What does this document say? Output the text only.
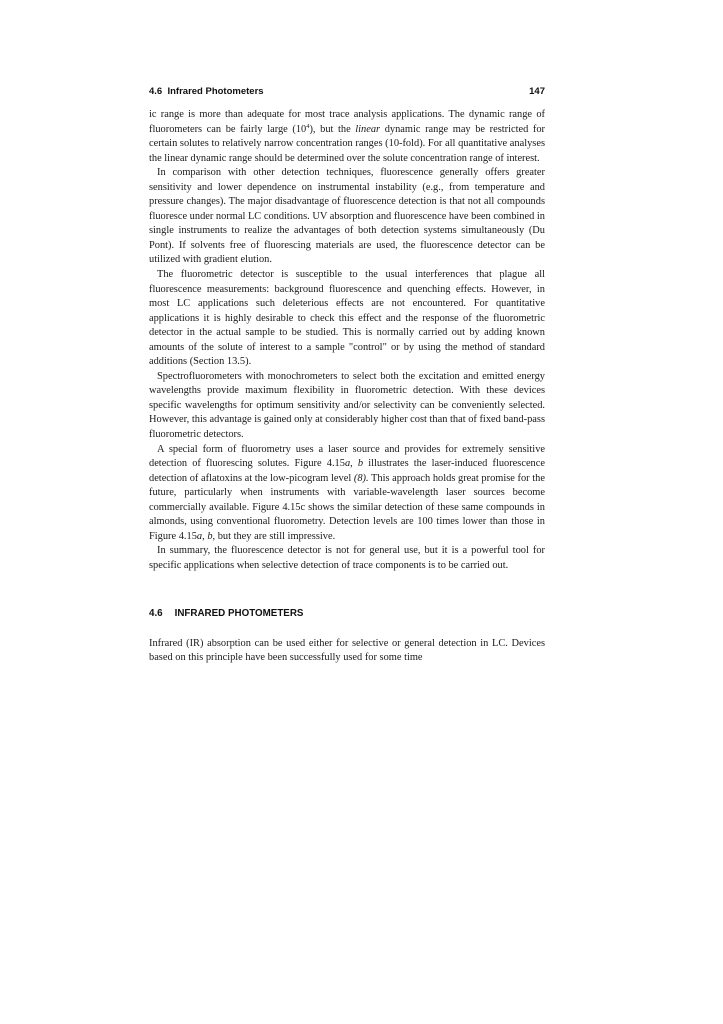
4.6  Infrared Photometers	147

ic range is more than adequate for most trace analysis applications. The dynamic range of fluorometers can be fairly large $(10^4)$, but the linear dynamic range may be restricted for certain solutes to relatively narrow concentration ranges (10-fold). For all quantitative analyses the linear dynamic range should be determined over the solute concentration range of interest.

In comparison with other detection techniques, fluorescence generally offers greater sensitivity and lower dependence on instrumental instability (e.g., from temperature and pressure changes). The major disadvantage of fluorescence detection is that not all compounds fluoresce under normal LC conditions. UV absorption and fluorescence have been combined in single instruments to realize the advantages of both detection systems simultaneously (Du Pont). If solvents free of fluorescing materials are used, the fluorescence detector can be utilized with gradient elution.

The fluorometric detector is susceptible to the usual interferences that plague all fluorescence measurements: background fluorescence and quenching effects. However, in most LC applications such deleterious effects are not encountered. For quantitative applications it is highly desirable to check this effect and the response of the fluorometric detector in the actual sample to be studied. This is normally carried out by adding known amounts of the solute of interest to a sample "control" or by using the method of standard additions (Section 13.5).

Spectrofluorometers with monochrometers to select both the excitation and emitted energy wavelengths provide maximum flexibility in fluorometric detection. With these devices specific wavelengths for optimum sensitivity and/or selectivity can be conveniently selected. However, this advantage is gained only at considerably higher cost than that of fixed band-pass fluorometric detectors.

A special form of fluorometry uses a laser source and provides for extremely sensitive detection of fluorescing solutes. Figure 4.15a, b illustrates the laser-induced fluorescence detection of aflatoxins at the low-picogram level (8). This approach holds great promise for the future, particularly when instruments with variable-wavelength laser sources become commercially available. Figure 4.15c shows the similar detection of these same compounds in almonds, using conventional fluorometry. Detection levels are 100 times lower than those in Figure 4.15a, b, but they are still impressive.

In summary, the fluorescence detector is not for general use, but it is a powerful tool for specific applications when selective detection of trace components is to be carried out.

4.6 INFRARED PHOTOMETERS

Infrared (IR) absorption can be used either for selective or general detection in LC. Devices based on this principle have been successfully used for some time
